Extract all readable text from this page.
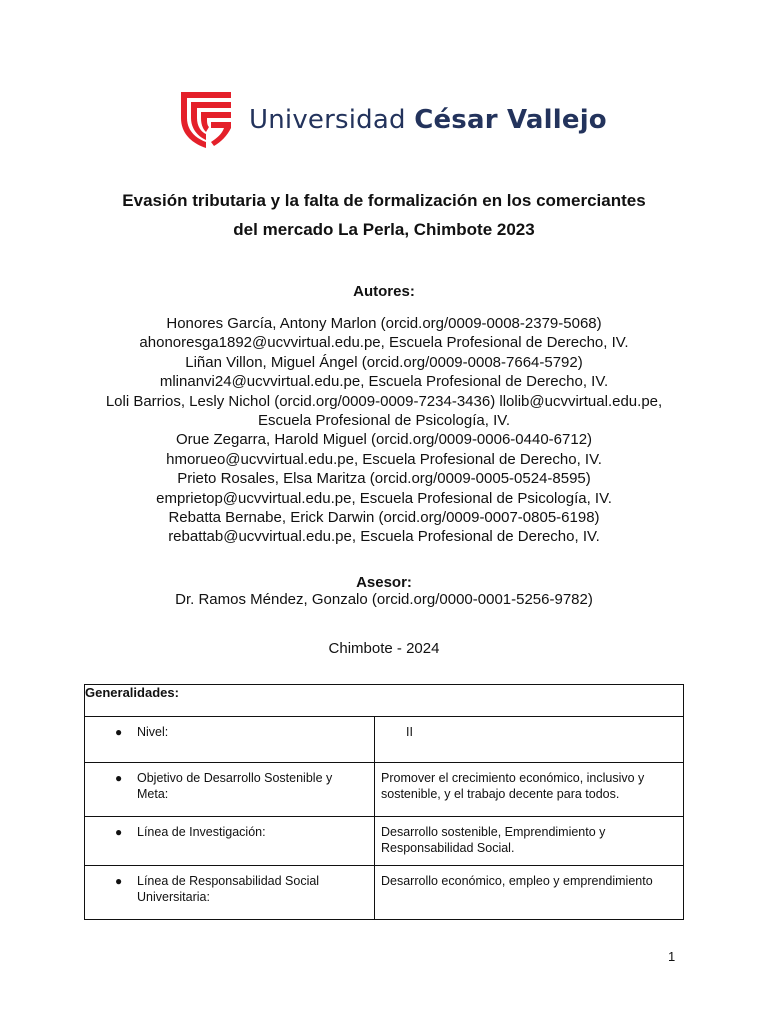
Universidad César Vallejo
Evasión tributaria y la falta de formalización en los comerciantes
del mercado La Perla, Chimbote 2023
Autores:
Honores García, Antony Marlon (orcid.org/0009-0008-2379-5068)
ahonoresga1892@ucvvirtual.edu.pe, Escuela Profesional de Derecho, IV.
Liñan Villon, Miguel Ángel (orcid.org/0009-0008-7664-5792)
mlinanvi24@ucvvirtual.edu.pe, Escuela Profesional de Derecho, IV.
Loli Barrios, Lesly Nichol (orcid.org/0009-0009-7234-3436) llolib@ucvvirtual.edu.pe,
Escuela Profesional de Psicología, IV.
Orue Zegarra, Harold Miguel (orcid.org/0009-0006-0440-6712)
hmorueo@ucvvirtual.edu.pe, Escuela Profesional de Derecho, IV.
Prieto Rosales, Elsa Maritza (orcid.org/0009-0005-0524-8595)
emprietop@ucvvirtual.edu.pe, Escuela Profesional de Psicología, IV.
Rebatta Bernabe, Erick Darwin (orcid.org/0009-0007-0805-6198)
rebattab@ucvvirtual.edu.pe, Escuela Profesional de Derecho, IV.
Asesor:
Dr. Ramos Méndez, Gonzalo (orcid.org/0000-0001-5256-9782)
Chimbote - 2024
Generalidades:	

● Nivel:	II

● Objetivo de Desarrollo Sostenible y Meta:	Promover el crecimiento económico, inclusivo y sostenible, y el trabajo decente para todos.

● Línea de Investigación:	Desarrollo sostenible, Emprendimiento y Responsabilidad Social.

● Línea de Responsabilidad Social Universitaria:	Desarrollo económico, empleo y emprendimiento
1
